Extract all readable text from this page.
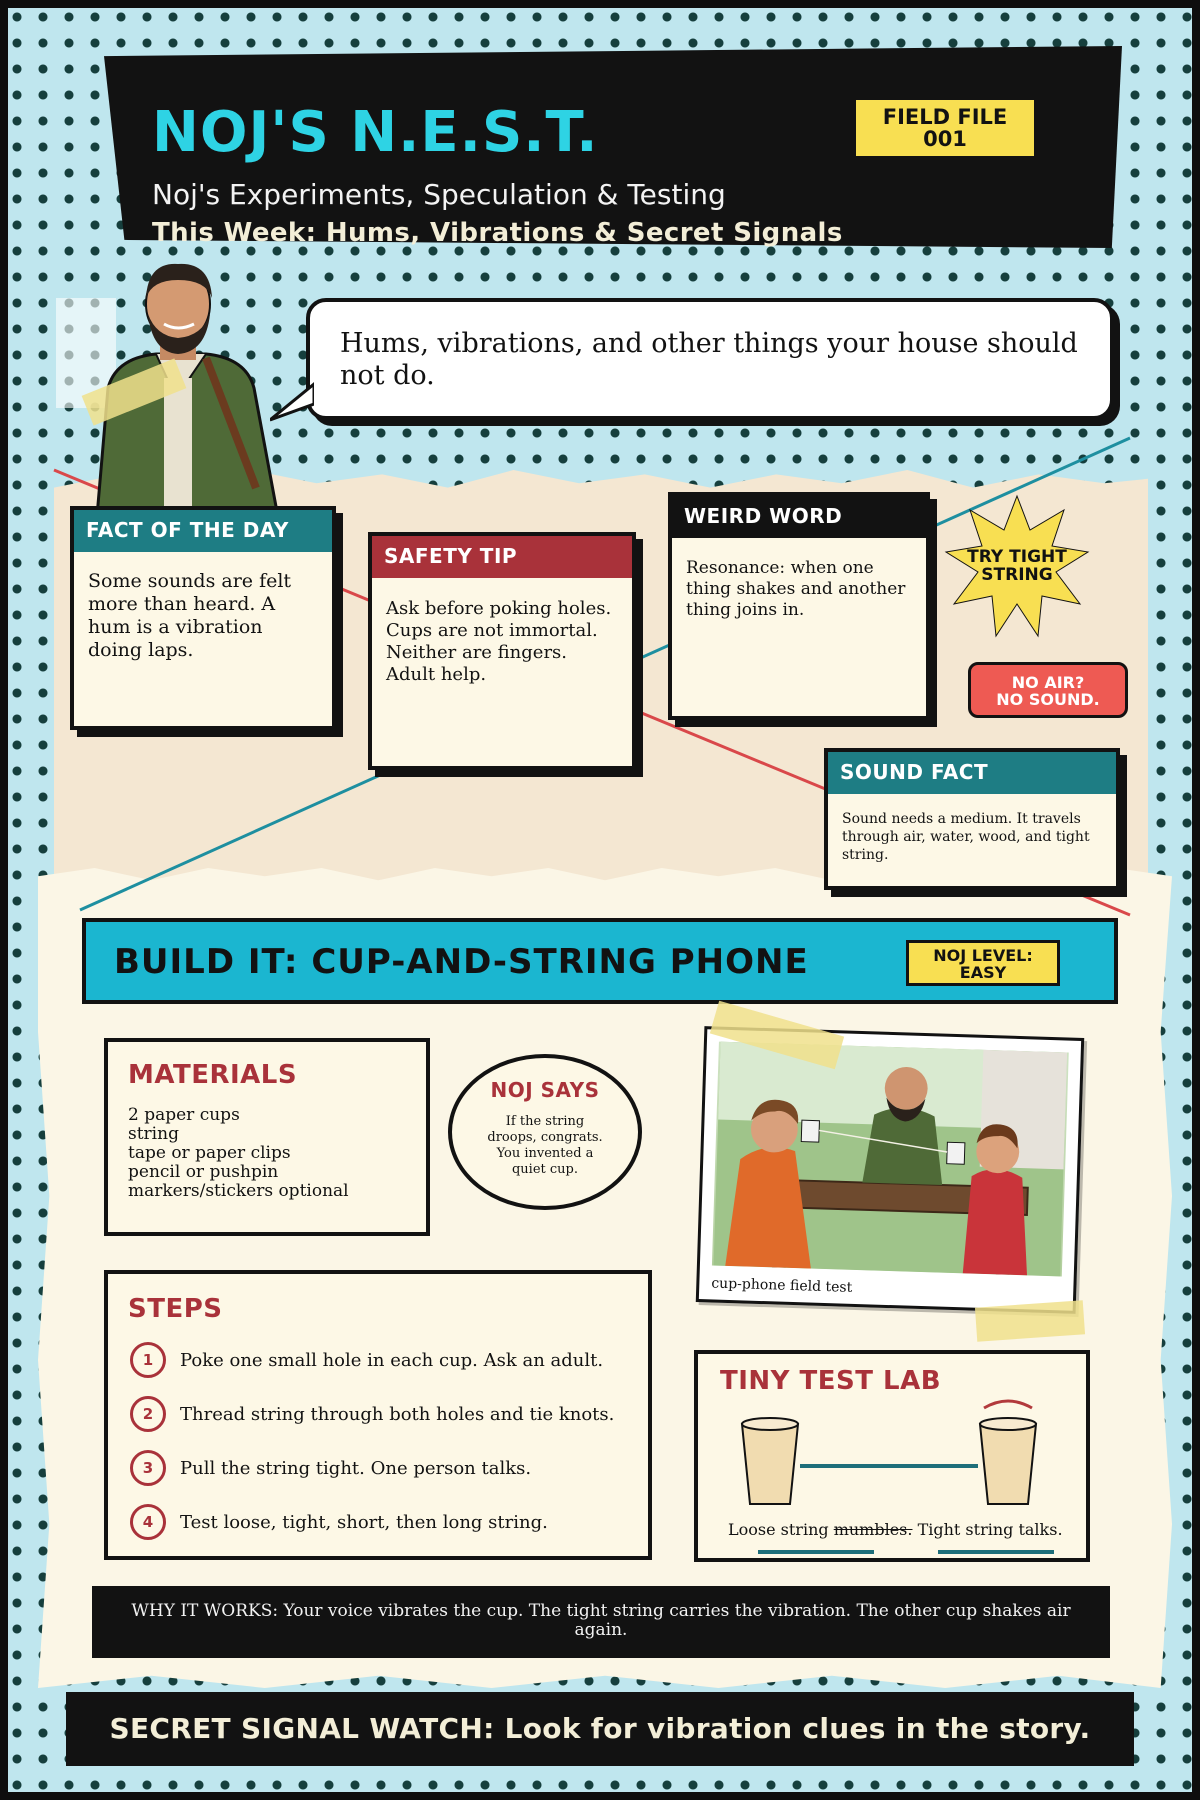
NOJ'S N.E.S.T.
Noj's Experiments, Speculation & Testing
This Week: Hums, Vibrations & Secret Signals
FIELD FILE
001
Hums, vibrations, and other things your house should not do.
FACT OF THE DAY
Some sounds are felt more than heard. A hum is a vibration doing laps.
SAFETY TIP
Ask before poking holes. Cups are not immortal. Neither are fingers. Adult help.
WEIRD WORD
Resonance: when one thing shakes and another thing joins in.
SOUND FACT
Sound needs a medium. It travels through air, water, wood, and tight string.
TRY TIGHT
STRING
NO AIR?
NO SOUND.
BUILD IT: CUP-AND-STRING PHONE	NOJ LEVEL:
EASY
MATERIALS
2 paper cups
string
tape or paper clips
pencil or pushpin
markers/stickers optional
NOJ SAYS
If the string droops, congrats. You invented a quiet cup.
cup-phone field test
STEPS
1	Poke one small hole in each cup. Ask an adult.
2	Thread string through both holes and tie knots.
3	Pull the string tight. One person talks.
4	Test loose, tight, short, then long string.
TINY TEST LAB
Loose string mumbles. Tight string talks.
WHY IT WORKS: Your voice vibrates the cup. The tight string carries the vibration. The other cup shakes air again.
SECRET SIGNAL WATCH: Look for vibration clues in the story.
